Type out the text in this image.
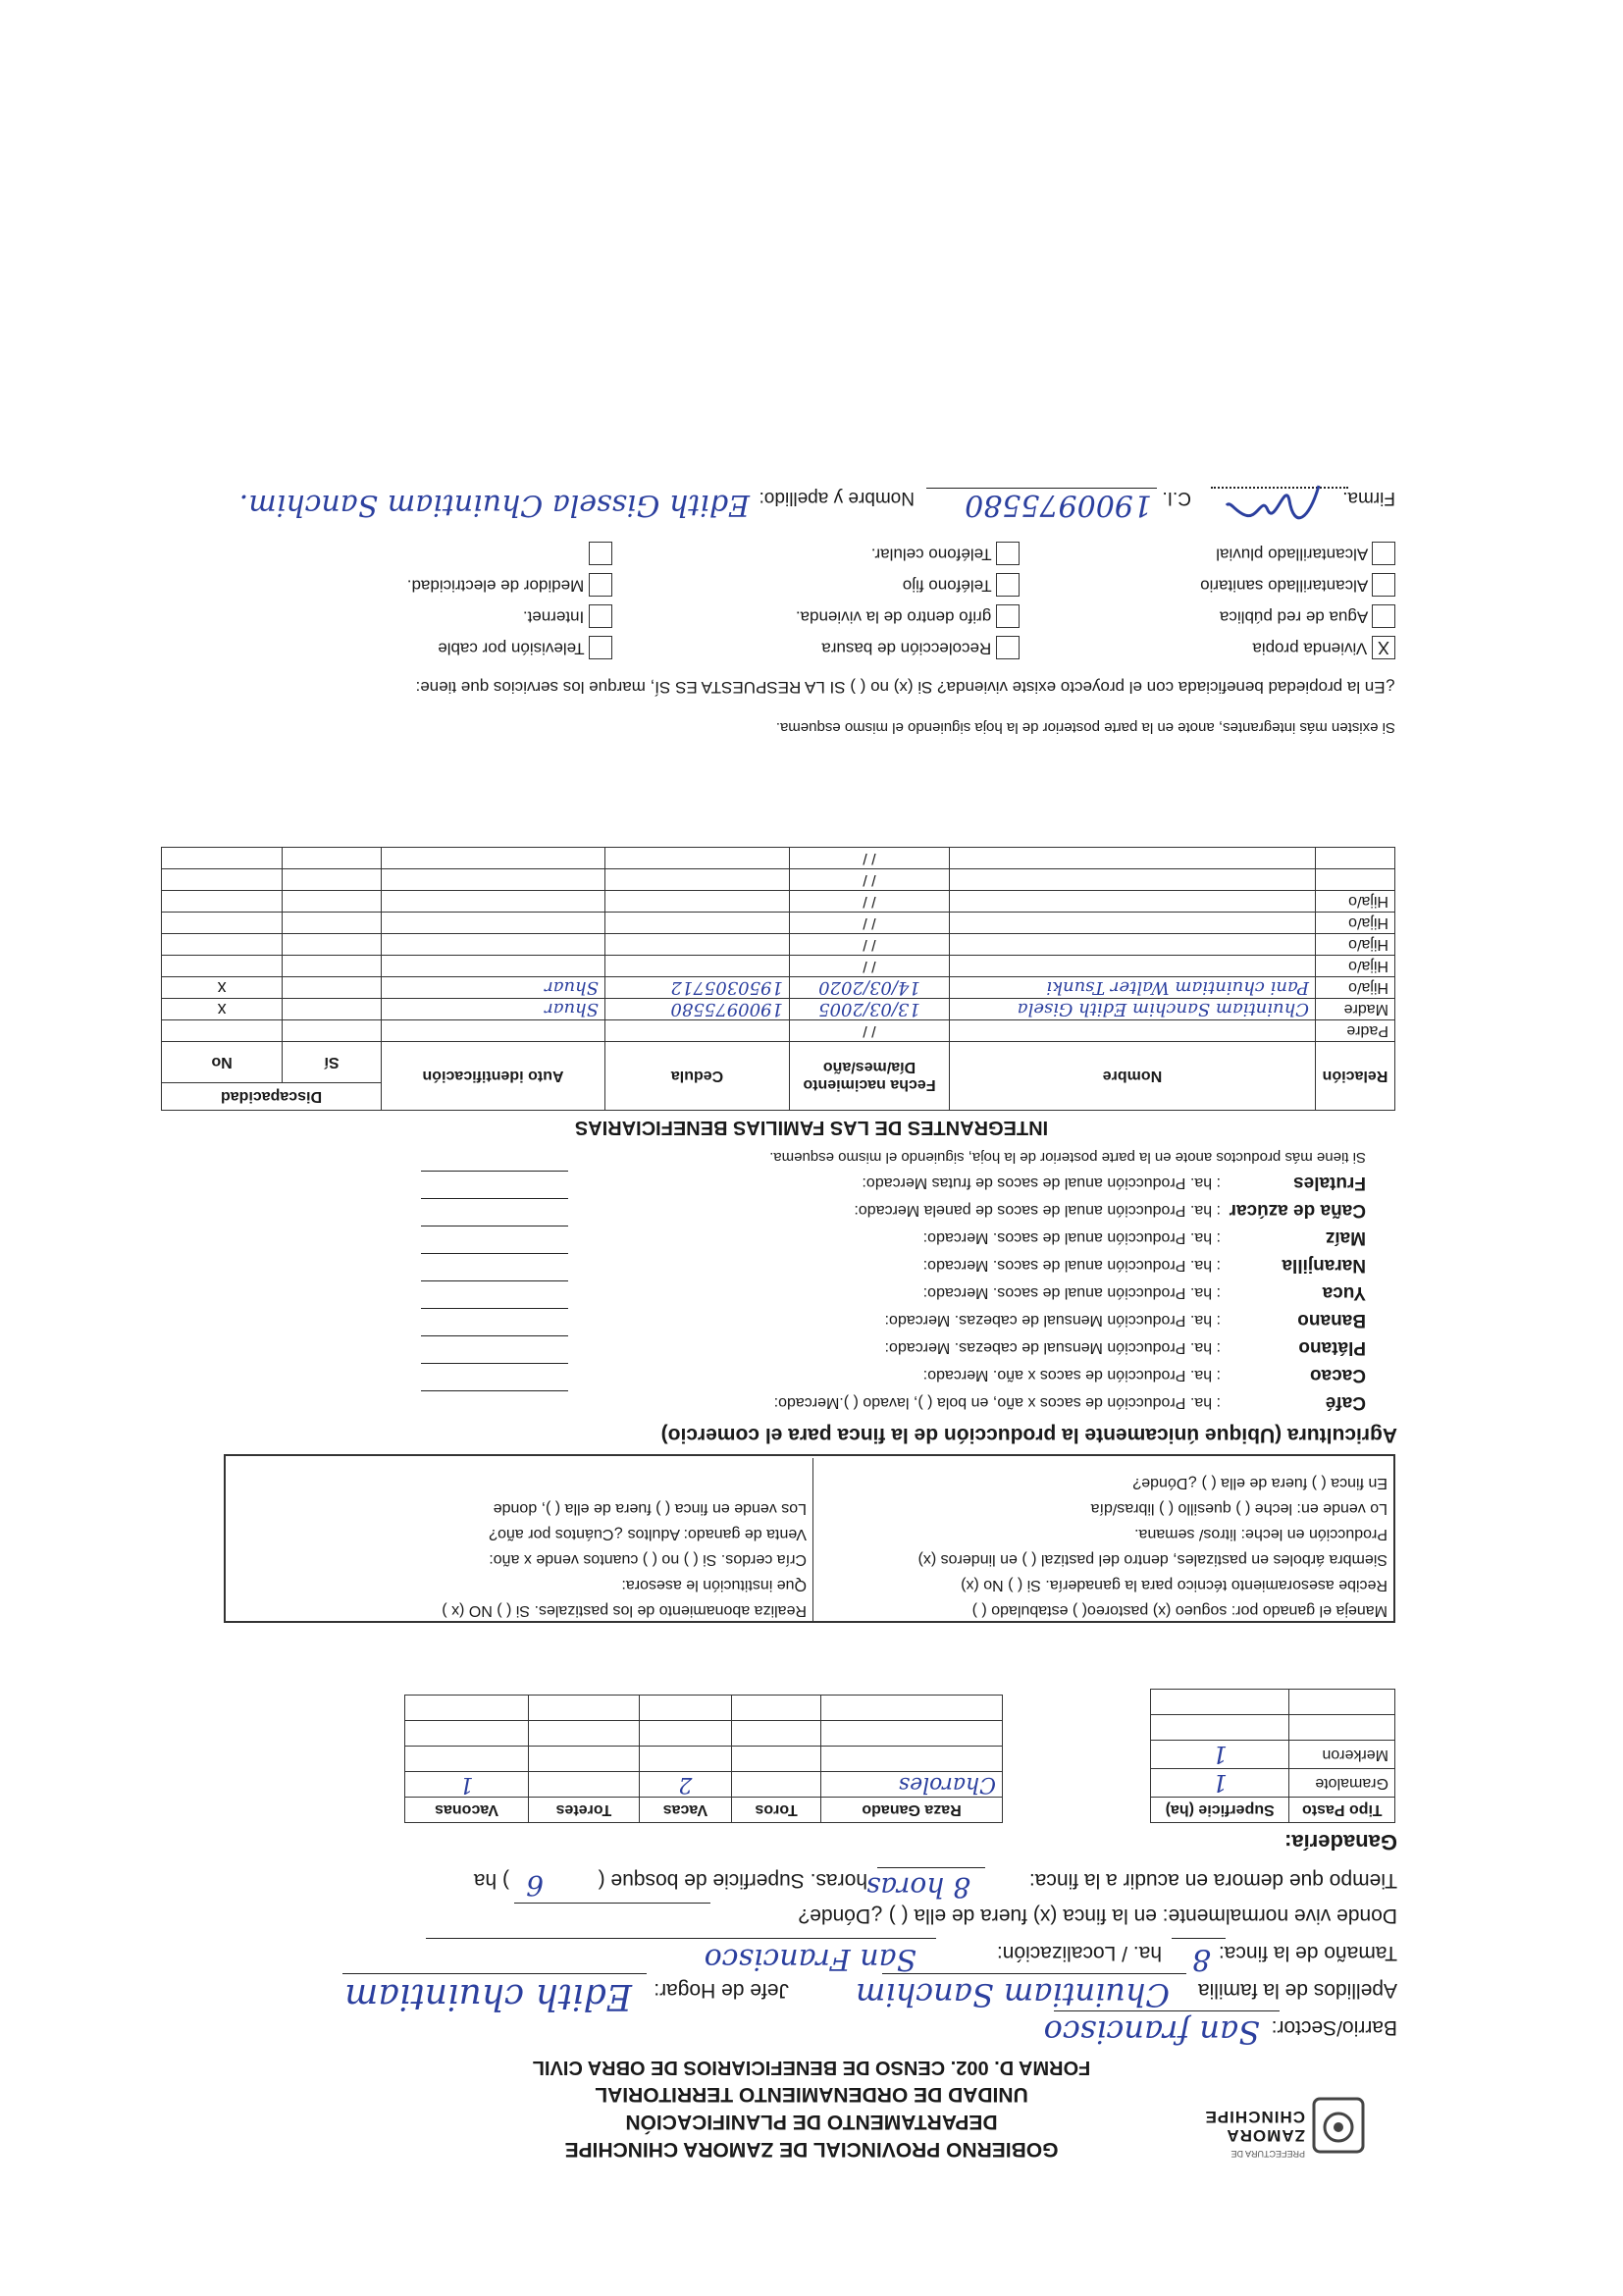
PREFECTURA DE
ZAMORA CHINCHIPE
GOBIERNO PROVINCIAL DE ZAMORA CHINCHIPE
DEPARTAMENTO DE PLANIFICACIÓN
UNIDAD DE ORDENAMIENTO TERRITORIAL
FORMA D. 002. CENSO DE BENEFICIARIOS DE OBRA CIVIL
Barrio/Sector:
San francisco
Apellidos de la familia
Chuintiam Sanchim
Jefe de Hogar:
Edith chuintiam
Tamaño de la finca:
8
ha. / Localización:
San Francisco
Donde vive normalmente: en la finca (x) fuera de ella ( ) ¿Dónde?
Tiempo que demora en acudir a la finca:
8 horas
horas. Superficie de bosque (
6
) ha
Ganadería:
Tipo Pasto	Superficie (ha)
Gramalote	1
Merkeron	1

Raza Ganado	Toros	Vacas	Toretes	Vaconas
Charoles		2		1

Maneja el ganado por: sogueo (x) pastoreo( ) estabulado ( )
Realiza abonamiento de los pastizales. Si ( ) NO (x )
Recibe asesoramiento técnico para la ganadería. Si ( ) No (x)
Que institución le asesora:
Siembra árboles en pastizales, dentro del pastizal ( ) en linderos (x)
Cría cerdos. Si ( ) no ( ) cuantos vende x año:
Producción en leche: litros/ semana.
Venta de ganado: Adultos ¿Cuántos por año?
Lo vende en: leche ( ) quesillo ( ) libras/día
Los vende en finca ( ) fuera de ella ( ), donde
En finca ( ) fuera de ella ( ) ¿Dónde?
Agricultura (Ubique únicamente la producción de la finca para el comercio)
Café
: ha. Producción de sacos x año, en bola ( ), lavado ( ).Mercado:
Cacao
: ha. Producción de sacos x año. Mercado:
Plátano
: ha. Producción Mensual de cabezas. Mercado:
Banano
: ha. Producción Mensual de cabezas. Mercado:
Yuca
: ha. Producción anual de sacos. Mercado:
Naranjilla
: ha. Producción anual de sacos. Mercado:
Maíz
: ha. Producción anual de sacos. Mercado:
Caña de azúcar
: ha. Producción anual de sacos de panela Mercado:
Frutales
: ha. Producción anual de sacos de frutas Mercado:
Si tiene más productos anote en la parte posterior de la hoja, siguiendo el mismo esquema.
INTEGRANTES DE LAS FAMILIAS BENEFICIARIAS
Relación	Nombre	Fecha nacimiento Día/mes/año	Cedula	Auto identificación	Discapacidad	
					Sí	No
Padre		/ /				
Madre	Chuintiam Sanchim Edith Gisela	13/03/2005	1900975580	Shuar		x
Hija/o	Pani chuintiam Walter Tsunki	14/03/2020	1950305712	Shuar		x
Hija/o		/ /				
Hija/o		/ /				
Hija/o		/ /				
Hija/o		/ /				
		/ /				
		/ /				
Si existen más integrantes, anote en la parte posterior de la hoja siguiendo el mismo esquema.
¿En la propiedad beneficiada con el proyecto existe vivienda? Si (x) no ( ) SI LA RESPUESTA ES SÍ, marque los servicios que tiene:
X Vivienda propia
Agua de red pública
Alcantarillado sanitario
Alcantarillado pluvial
Recolección de basura
grifo dentro de la vivienda.
Teléfono fijo
Teléfono celular.
Televisión por cable
Internet.
Medidor de electricidad.
Firma.
C.I.
1900975580
Nombre y apellido:
Edith Gissela Chuintiam Sanchim.
